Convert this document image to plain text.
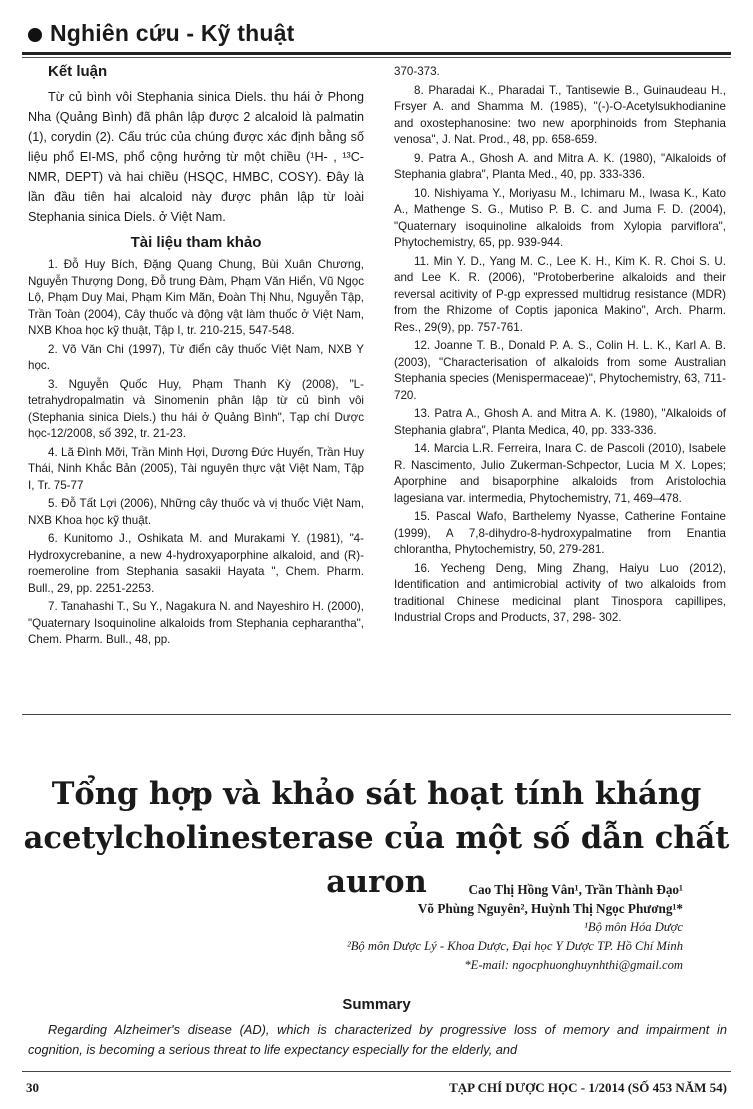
Nghiên cứu - Kỹ thuật
Kết luận

Từ củ bình vôi Stephania sinica Diels. thu hái ở Phong Nha (Quảng Bình) đã phân lập được 2 alcaloid là palmatin (1), corydin (2). Cấu trúc của chúng được xác định bằng số liệu phổ EI-MS, phổ cộng hưởng từ một chiều (¹H- , ¹³C-NMR, DEPT) và hai chiều (HSQC, HMBC, COSY). Đây là lần đầu tiên hai alcaloid này được phân lập từ loài Stephania sinica Diels. ở Việt Nam.

Tài liệu tham khảo

1. Đỗ Huy Bích, Đặng Quang Chung, Bùi Xuân Chương, Nguyễn Thượng Dong, Đỗ trung Đàm, Phạm Văn Hiển, Vũ Ngọc Lộ, Phạm Duy Mai, Phạm Kim Mãn, Đoàn Thị Nhu, Nguyễn Tập, Trần Toàn (2004), Cây thuốc và động vật làm thuốc ở Việt Nam, NXB Khoa học kỹ thuật, Tập I, tr. 210-215, 547-548.

2. Võ Văn Chi (1997), Từ điển cây thuốc Việt Nam, NXB Y học.

3. Nguyễn Quốc Huy, Phạm Thanh Kỳ (2008), "L-tetrahydropalmatin và Sinomenin phân lập từ củ bình vôi (Stephania sinica Diels.) thu hái ở Quảng Bình", Tạp chí Dược học-12/2008, số 392, tr. 21-23.

4. Lã Đình Mỡi, Trần Minh Hợi, Dương Đức Huyến, Trần Huy Thái, Ninh Khắc Bản (2005), Tài nguyên thực vật Việt Nam, Tập I, Tr. 75-77

5. Đỗ Tất Lợi (2006), Những cây thuốc và vị thuốc Việt Nam, NXB Khoa học kỹ thuật.

6. Kunitomo J., Oshikata M. and Murakami Y. (1981), "4-Hydroxycrebanine, a new 4-hydroxyaporphine alkaloid, and (R)-roemeroline from Stephania sasakii Hayata ", Chem. Pharm. Bull., 29, pp. 2251-2253.

7. Tanahashi T., Su Y., Nagakura N. and Nayeshiro H. (2000), "Quaternary Isoquinoline alkaloids from Stephania cepharantha", Chem. Pharm. Bull., 48, pp.

370-373.

8. Pharadai K., Pharadai T., Tantisewie B., Guinaudeau H., Frsyer A. and Shamma M. (1985), "(-)-O-Acetylsukhodianine and oxostephanosine: two new aporphinoids from Stephania venosa", J. Nat. Prod., 48, pp. 658-659.

9. Patra A., Ghosh A. and Mitra A. K. (1980), "Alkaloids of Stephania glabra", Planta Med., 40, pp. 333-336.

10. Nishiyama Y., Moriyasu M., Ichimaru M., Iwasa K., Kato A., Mathenge S. G., Mutiso P. B. C. and Juma F. D. (2004), "Quaternary isoquinoline alkaloids from Xylopia parviflora", Phytochemistry, 65, pp. 939-944.

11. Min Y. D., Yang M. C., Lee K. H., Kim K. R. Choi S. U. and Lee K. R. (2006), "Protoberberine alkaloids and their reversal acitivity of P-gp expressed multidrug resistance (MDR) from the Rhizome of Coptis japonica Makino", Arch. Pharm. Res., 29(9), pp. 757-761.

12. Joanne T. B., Donald P. A. S., Colin H. L. K., Karl A. B. (2003), "Characterisation of alkaloids from some Australian Stephania species (Menispermaceae)", Phytochemistry, 63, 711-720.

13. Patra A., Ghosh A. and Mitra A. K. (1980), "Alkaloids of Stephania glabra", Planta Medica, 40, pp. 333-336.

14. Marcia L.R. Ferreira, Inara C. de Pascoli (2010), Isabele R. Nascimento, Julio Zukerman-Schpector, Lucia M X. Lopes; Aporphine and bisaporphine alkaloids from Aristolochia lagesiana var. intermedia, Phytochemistry, 71, 469–478.

15. Pascal Wafo, Barthelemy Nyasse, Catherine Fontaine (1999), A 7,8-dihydro-8-hydroxypalmatine from Enantia chlorantha, Phytochemistry, 50, 279-281.

16. Yecheng Deng, Ming Zhang, Haiyu Luo (2012), Identification and antimicrobial activity of two alkaloids from traditional Chinese medicinal plant Tinospora capillipes, Industrial Crops and Products, 37, 298- 302.

Tổng hợp và khảo sát hoạt tính kháng
acetylcholinesterase của một số dẫn chất auron	Cao Thị Hồng Vân¹, Trần Thành Đạo¹
Võ Phùng Nguyên², Huỳnh Thị Ngọc Phương¹*
¹Bộ môn Hóa Dược
²Bộ môn Dược Lý - Khoa Dược, Đại học Y Dược TP. Hồ Chí Minh
*E-mail: ngocphuonghuynhthi@gmail.com
Summary
Regarding Alzheimer's disease (AD), which is characterized by progressive loss of memory and impairment in cognition, is becoming a serious threat to life expectancy especially for the elderly, and
30	TẠP CHÍ DƯỢC HỌC - 1/2014 (SỐ 453 NĂM 54)
